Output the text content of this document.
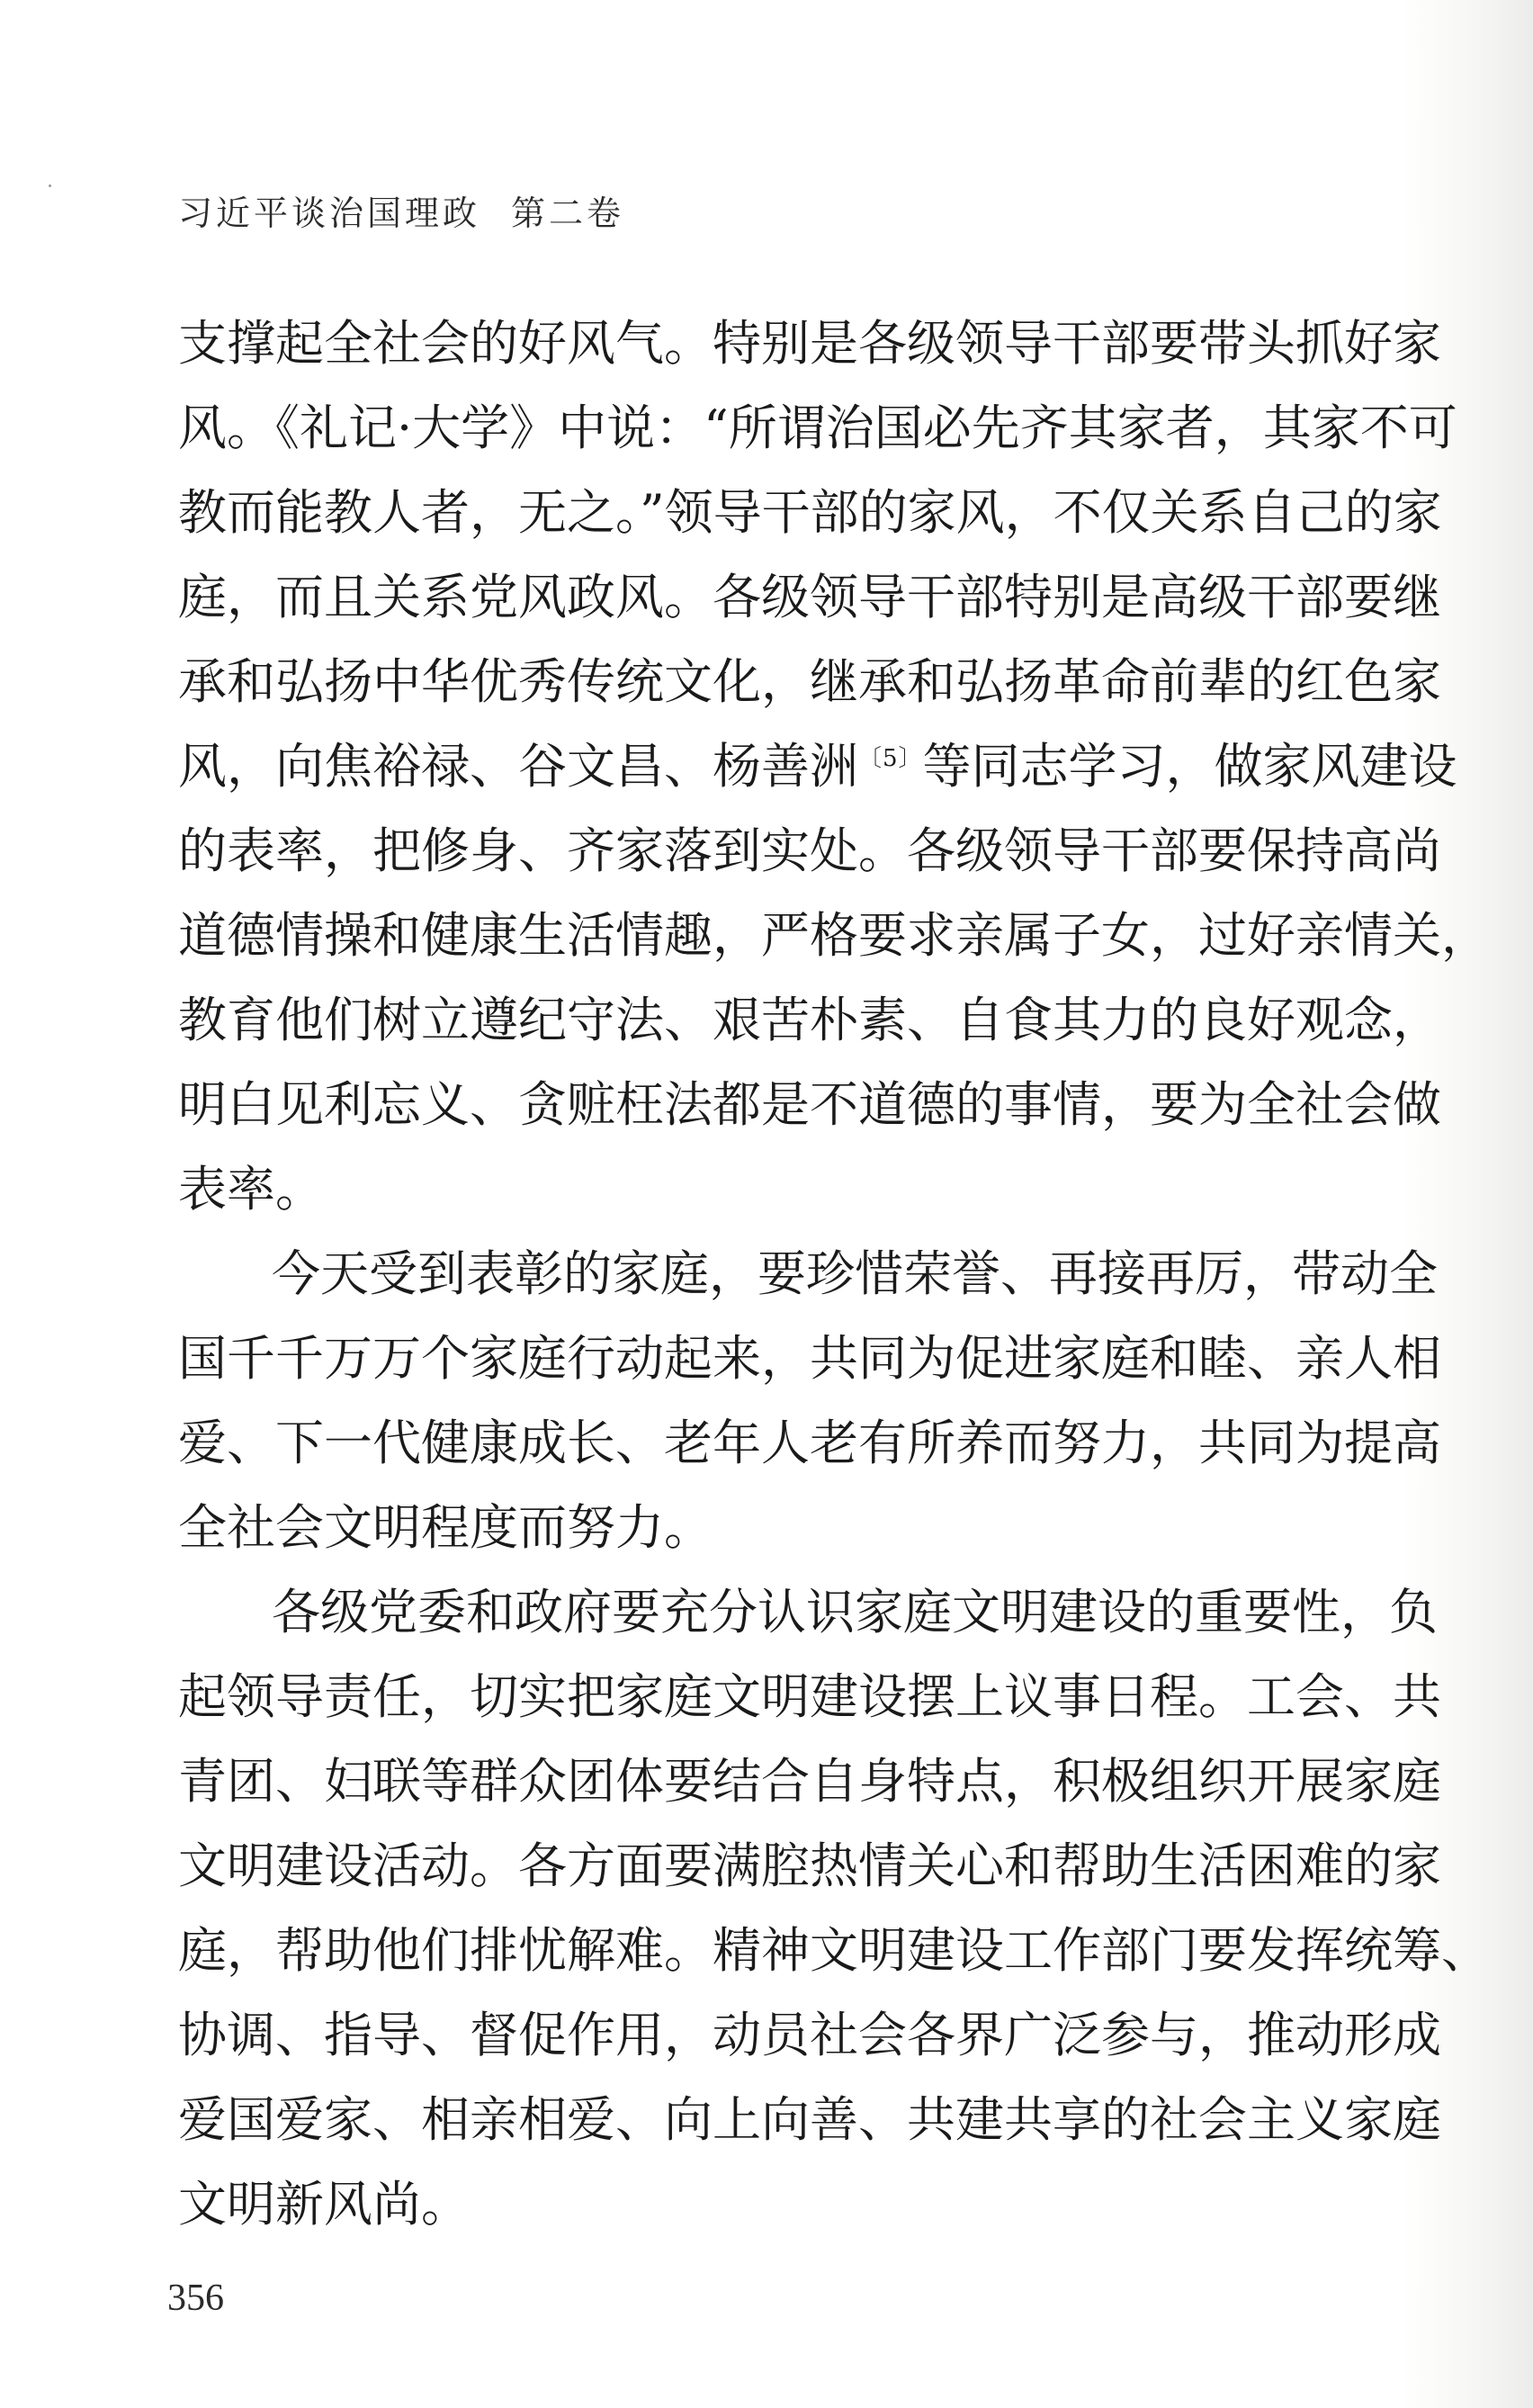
习近平谈治国理政 第二卷
支撑起全社会的好风气。特别是各级领导干部要带头抓好家
风。《礼记·大学》中说：“所谓治国必先齐其家者，其家不可
教而能教人者，无之。”领导干部的家风，不仅关系自己的家
庭，而且关系党风政风。各级领导干部特别是高级干部要继
承和弘扬中华优秀传统文化，继承和弘扬革命前辈的红色家
风，向焦裕禄、谷文昌、杨善洲$^{〔5〕}$等同志学习，做家风建设
的表率，把修身、齐家落到实处。各级领导干部要保持高尚
道德情操和健康生活情趣，严格要求亲属子女，过好亲情关，
教育他们树立遵纪守法、艰苦朴素、自食其力的良好观念，
明白见利忘义、贪赃枉法都是不道德的事情，要为全社会做
表率。
今天受到表彰的家庭，要珍惜荣誉、再接再厉，带动全
国千千万万个家庭行动起来，共同为促进家庭和睦、亲人相
爱、下一代健康成长、老年人老有所养而努力，共同为提高
全社会文明程度而努力。
各级党委和政府要充分认识家庭文明建设的重要性，负
起领导责任，切实把家庭文明建设摆上议事日程。工会、共
青团、妇联等群众团体要结合自身特点，积极组织开展家庭
文明建设活动。各方面要满腔热情关心和帮助生活困难的家
庭，帮助他们排忧解难。精神文明建设工作部门要发挥统筹、
协调、指导、督促作用，动员社会各界广泛参与，推动形成
爱国爱家、相亲相爱、向上向善、共建共享的社会主义家庭
文明新风尚。
356
